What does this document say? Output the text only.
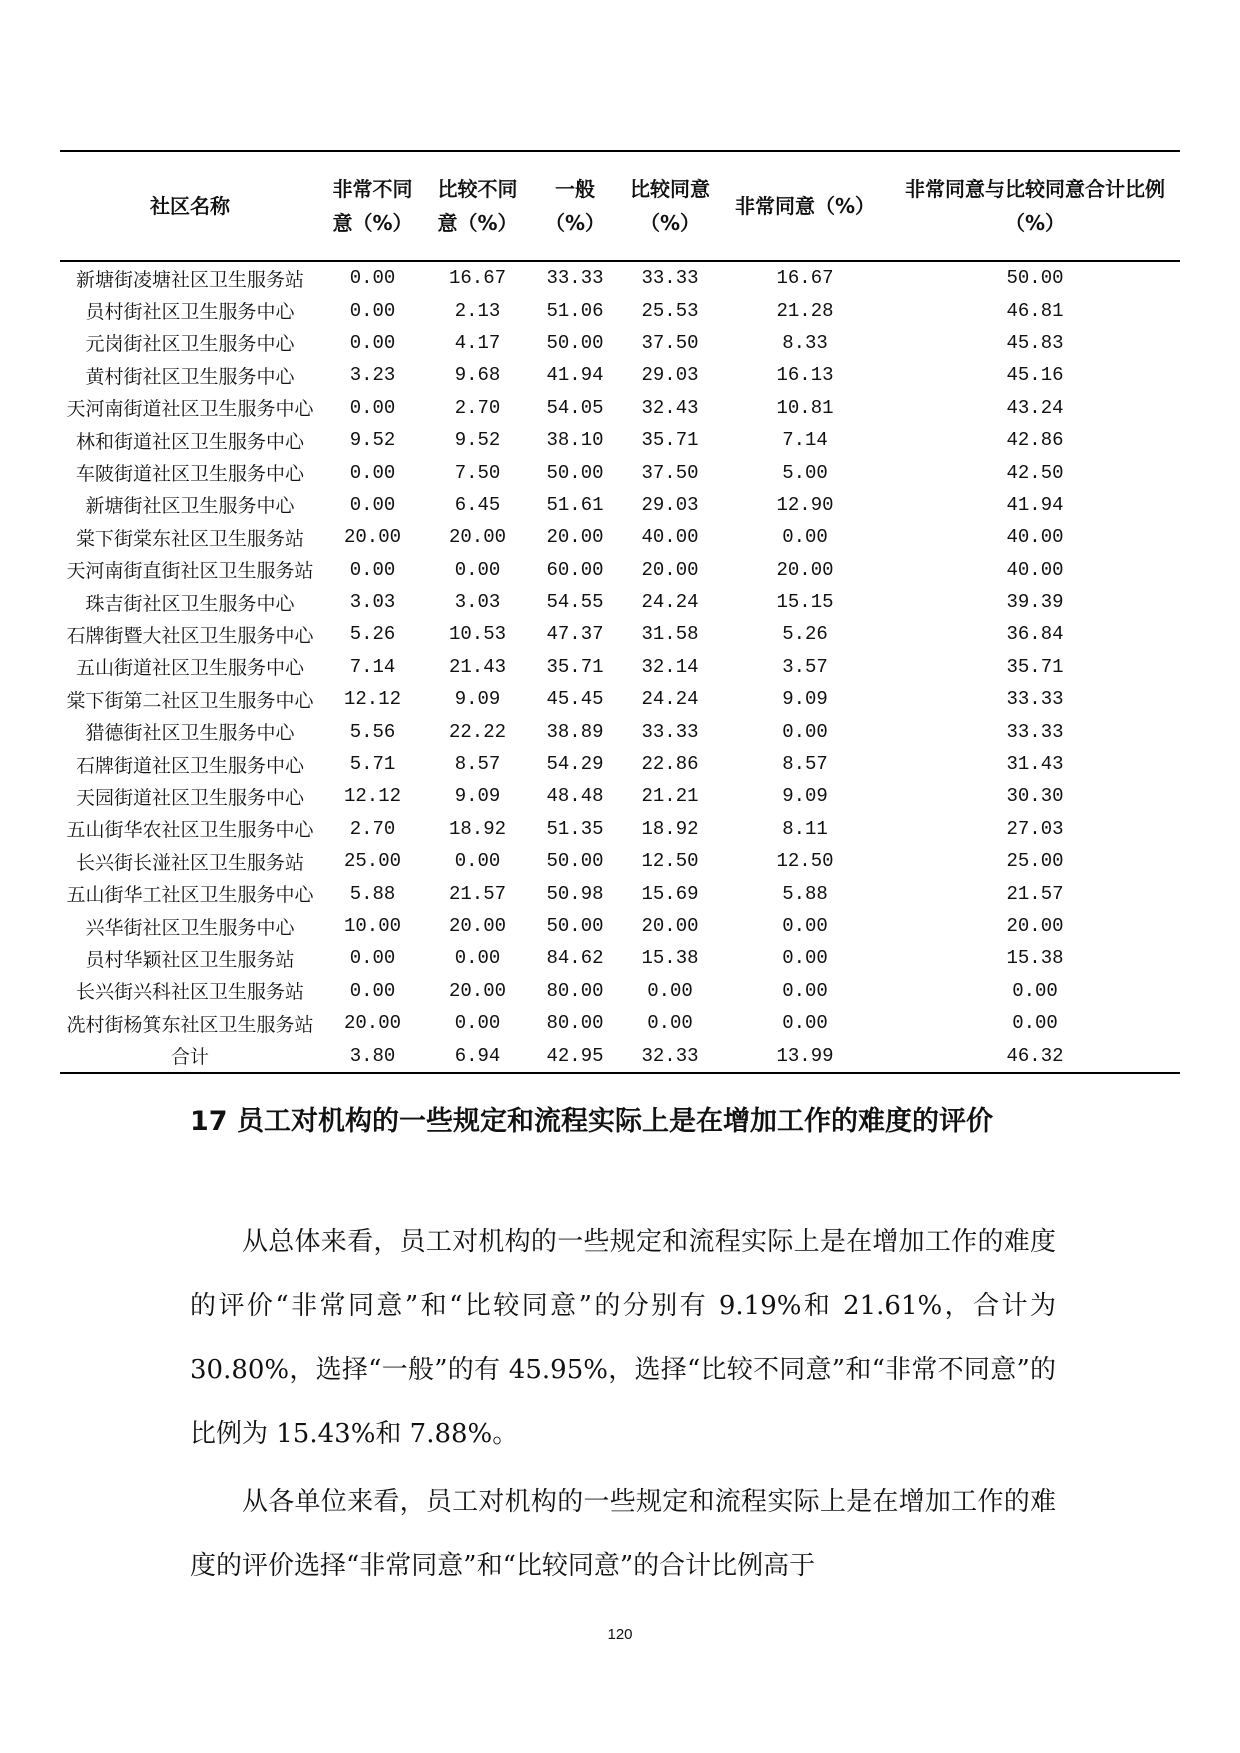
社区名称	非常不同意（%）	比较不同意（%）	一般（%）	比较同意（%）	非常同意（%）	非常同意与比较同意合计比例（%）
新塘街凌塘社区卫生服务站	0.00	16.67	33.33	33.33	16.67	50.00
员村街社区卫生服务中心	0.00	2.13	51.06	25.53	21.28	46.81
元岗街社区卫生服务中心	0.00	4.17	50.00	37.50	8.33	45.83
黄村街社区卫生服务中心	3.23	9.68	41.94	29.03	16.13	45.16
天河南街道社区卫生服务中心	0.00	2.70	54.05	32.43	10.81	43.24
林和街道社区卫生服务中心	9.52	9.52	38.10	35.71	7.14	42.86
车陂街道社区卫生服务中心	0.00	7.50	50.00	37.50	5.00	42.50
新塘街社区卫生服务中心	0.00	6.45	51.61	29.03	12.90	41.94
棠下街棠东社区卫生服务站	20.00	20.00	20.00	40.00	0.00	40.00
天河南街直街社区卫生服务站	0.00	0.00	60.00	20.00	20.00	40.00
珠吉街社区卫生服务中心	3.03	3.03	54.55	24.24	15.15	39.39
石牌街暨大社区卫生服务中心	5.26	10.53	47.37	31.58	5.26	36.84
五山街道社区卫生服务中心	7.14	21.43	35.71	32.14	3.57	35.71
棠下街第二社区卫生服务中心	12.12	9.09	45.45	24.24	9.09	33.33
猎德街社区卫生服务中心	5.56	22.22	38.89	33.33	0.00	33.33
石牌街道社区卫生服务中心	5.71	8.57	54.29	22.86	8.57	31.43
天园街道社区卫生服务中心	12.12	9.09	48.48	21.21	9.09	30.30
五山街华农社区卫生服务中心	2.70	18.92	51.35	18.92	8.11	27.03
长兴街长湴社区卫生服务站	25.00	0.00	50.00	12.50	12.50	25.00
五山街华工社区卫生服务中心	5.88	21.57	50.98	15.69	5.88	21.57
兴华街社区卫生服务中心	10.00	20.00	50.00	20.00	0.00	20.00
员村华颖社区卫生服务站	0.00	0.00	84.62	15.38	0.00	15.38
长兴街兴科社区卫生服务站	0.00	20.00	80.00	0.00	0.00	0.00
冼村街杨箕东社区卫生服务站	20.00	0.00	80.00	0.00	0.00	0.00
合计	3.80	6.94	42.95	32.33	13.99	46.32
17 员工对机构的一些规定和流程实际上是在增加工作的难度的评价

从总体来看，员工对机构的一些规定和流程实际上是在增加工作的难度的评价“非常同意”和“比较同意”的分别有 9.19%和 21.61%，合计为 30.80%，选择“一般”的有 45.95%，选择“比较不同意”和“非常不同意”的比例为 15.43%和 7.88%。

从各单位来看，员工对机构的一些规定和流程实际上是在增加工作的难度的评价选择“非常同意”和“比较同意”的合计比例高于

120
